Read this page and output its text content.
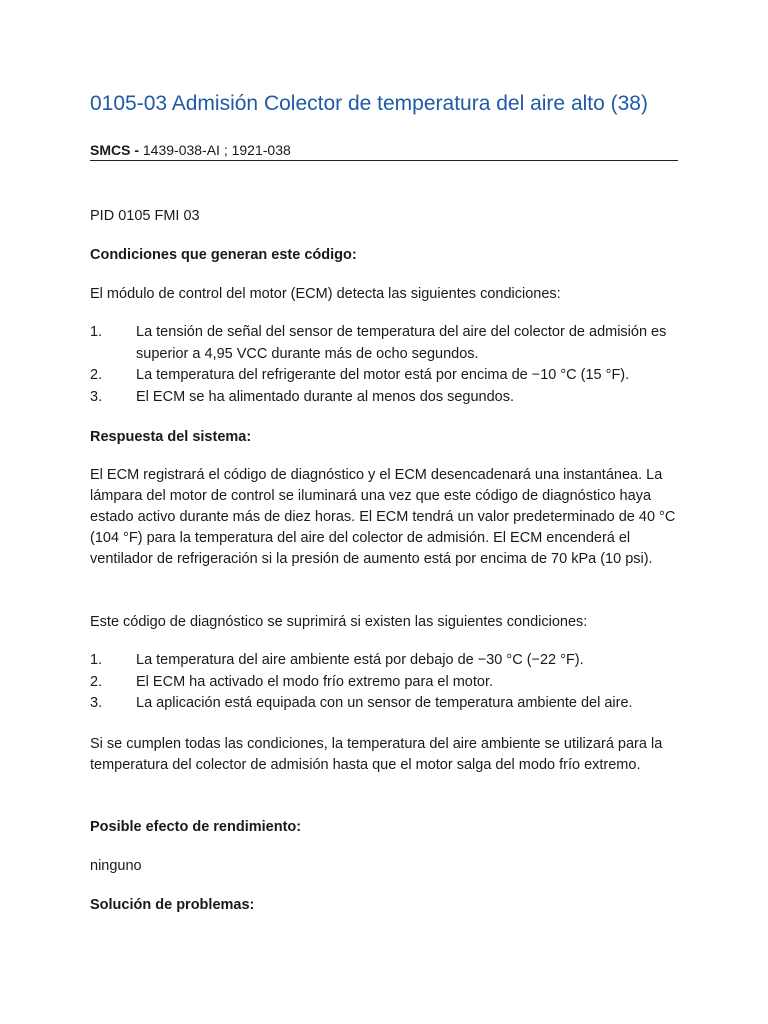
0105-03 Admisión Colector de temperatura del aire alto (38)
SMCS - 1439-038-AI ; 1921-038

PID 0105 FMI 03

Condiciones que generan este código:

El módulo de control del motor (ECM) detecta las siguientes condiciones:

1. La tensión de señal del sensor de temperatura del aire del colector de admisión es superior a 4,95 VCC durante más de ocho segundos.
2. La temperatura del refrigerante del motor está por encima de −10 °C (15 °F).
3. El ECM se ha alimentado durante al menos dos segundos.

Respuesta del sistema:

El ECM registrará el código de diagnóstico y el ECM desencadenará una instantánea. La lámpara del motor de control se iluminará una vez que este código de diagnóstico haya estado activo durante más de diez horas. El ECM tendrá un valor predeterminado de 40 °C (104 °F) para la temperatura del aire del colector de admisión. El ECM encenderá el ventilador de refrigeración si la presión de aumento está por encima de 70 kPa (10 psi).

Este código de diagnóstico se suprimirá si existen las siguientes condiciones:

1. La temperatura del aire ambiente está por debajo de −30 °C (−22 °F).
2. El ECM ha activado el modo frío extremo para el motor.
3. La aplicación está equipada con un sensor de temperatura ambiente del aire.

Si se cumplen todas las condiciones, la temperatura del aire ambiente se utilizará para la temperatura del colector de admisión hasta que el motor salga del modo frío extremo.

Posible efecto de rendimiento:

ninguno

Solución de problemas:
